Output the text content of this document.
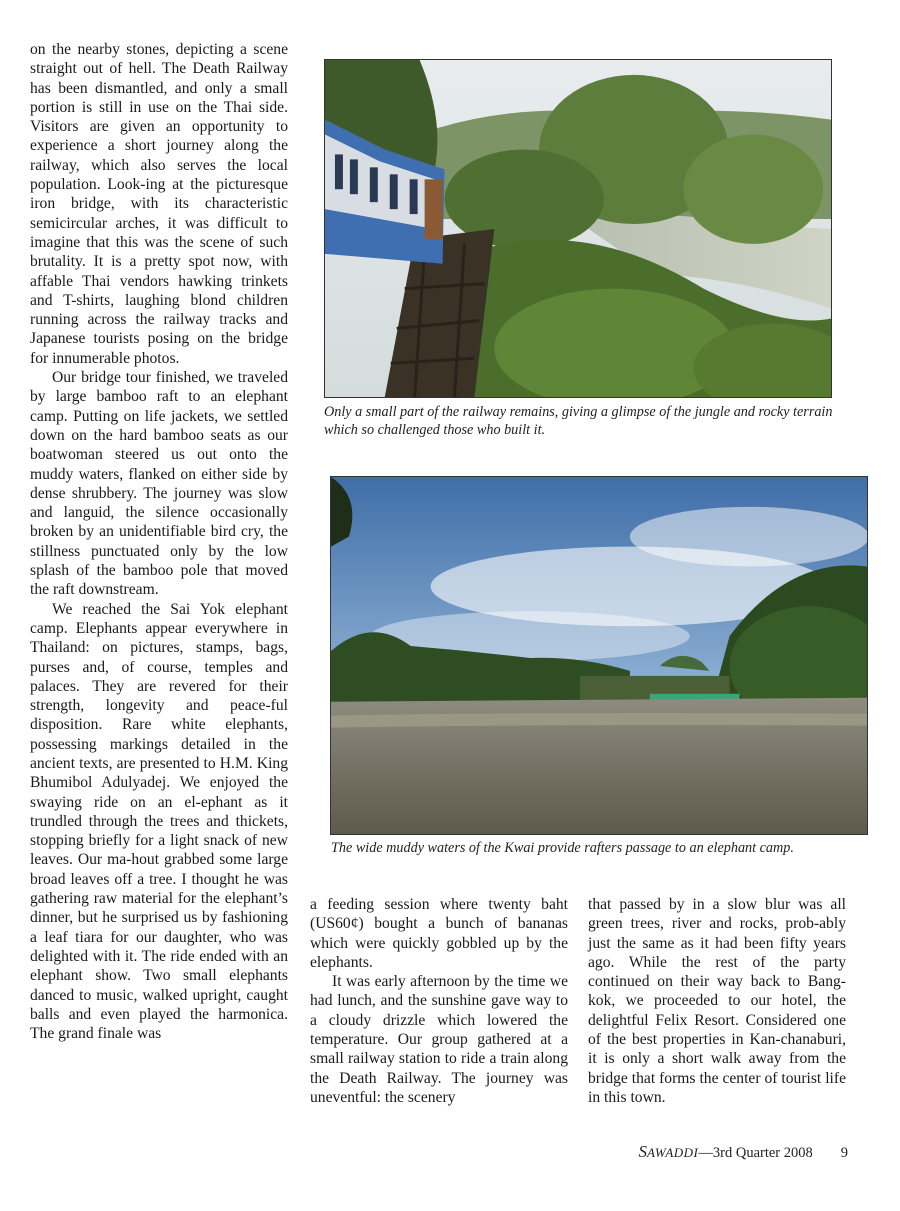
on the nearby stones, depicting a scene straight out of hell. The Death Railway has been dismantled, and only a small portion is still in use on the Thai side. Visitors are given an opportunity to experience a short journey along the railway, which also serves the local population. Look-ing at the picturesque iron bridge, with its characteristic semicircular arches, it was difficult to imagine that this was the scene of such brutality. It is a pretty spot now, with affable Thai vendors hawking trinkets and T-shirts, laughing blond children running across the railway tracks and Japanese tourists posing on the bridge for innumerable photos.

Our bridge tour finished, we traveled by large bamboo raft to an elephant camp. Putting on life jackets, we settled down on the hard bamboo seats as our boatwoman steered us out onto the muddy waters, flanked on either side by dense shrubbery. The journey was slow and languid, the silence occasionally broken by an unidentifiable bird cry, the stillness punctuated only by the low splash of the bamboo pole that moved the raft downstream.

We reached the Sai Yok elephant camp. Elephants appear everywhere in Thailand: on pictures, stamps, bags, purses and, of course, temples and palaces. They are revered for their strength, longevity and peace-ful disposition. Rare white elephants, possessing markings detailed in the ancient texts, are presented to H.M. King Bhumibol Adulyadej. We enjoyed the swaying ride on an el-ephant as it trundled through the trees and thickets, stopping briefly for a light snack of new leaves. Our ma-hout grabbed some large broad leaves off a tree. I thought he was gathering raw material for the elephant’s dinner, but he surprised us by fashioning a leaf tiara for our daughter, who was delighted with it. The ride ended with an elephant show. Two small elephants danced to music, walked upright, caught balls and even played the harmonica. The grand finale was

Only a small part of the railway remains, giving a glimpse of the jungle and rocky terrain which so challenged those who built it.
The wide muddy waters of the Kwai provide rafters passage to an elephant camp.

a feeding session where twenty baht (US60¢) bought a bunch of bananas which were quickly gobbled up by the elephants.

It was early afternoon by the time we had lunch, and the sunshine gave way to a cloudy drizzle which lowered the temperature. Our group gathered at a small railway station to ride a train along the Death Railway. The journey was uneventful: the scenery

that passed by in a slow blur was all green trees, river and rocks, prob-ably just the same as it had been fifty years ago. While the rest of the party continued on their way back to Bang-kok, we proceeded to our hotel, the delightful Felix Resort. Considered one of the best properties in Kan-chanaburi, it is only a short walk away from the bridge that forms the center of tourist life in this town.

SAWADDI—3rd Quarter 2008 9
